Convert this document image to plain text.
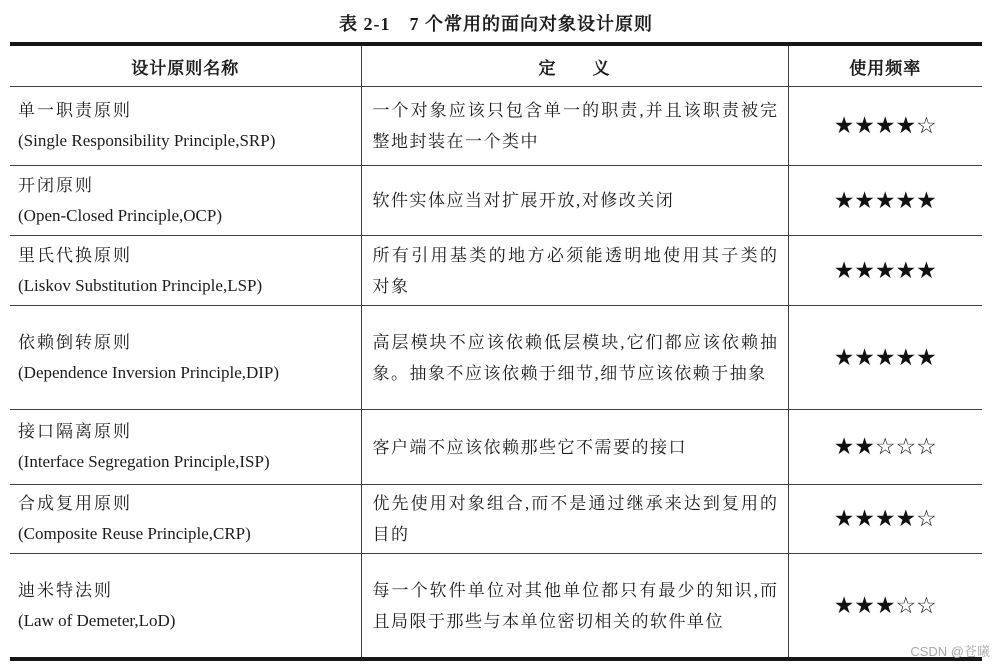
表 2-1　7 个常用的面向对象设计原则
设计原则名称	定　　义	使用频率

单一职责原则
(Single Responsibility Principle,SRP)	一个对象应该只包含单一的职责,并且该职责被完整地封装在一个类中	★★★★☆

开闭原则
(Open-Closed Principle,OCP)	软件实体应当对扩展开放,对修改关闭	★★★★★

里氏代换原则
(Liskov Substitution Principle,LSP)	所有引用基类的地方必须能透明地使用其子类的对象	★★★★★

依赖倒转原则
(Dependence Inversion Principle,DIP)	高层模块不应该依赖低层模块,它们都应该依赖抽象。抽象不应该依赖于细节,细节应该依赖于抽象	★★★★★

接口隔离原则
(Interface Segregation Principle,ISP)	客户端不应该依赖那些它不需要的接口	★★☆☆☆

合成复用原则
(Composite Reuse Principle,CRP)	优先使用对象组合,而不是通过继承来达到复用的目的	★★★★☆

迪米特法则
(Law of Demeter,LoD)	每一个软件单位对其他单位都只有最少的知识,而且局限于那些与本单位密切相关的软件单位	★★★☆☆
CSDN @苍曦
